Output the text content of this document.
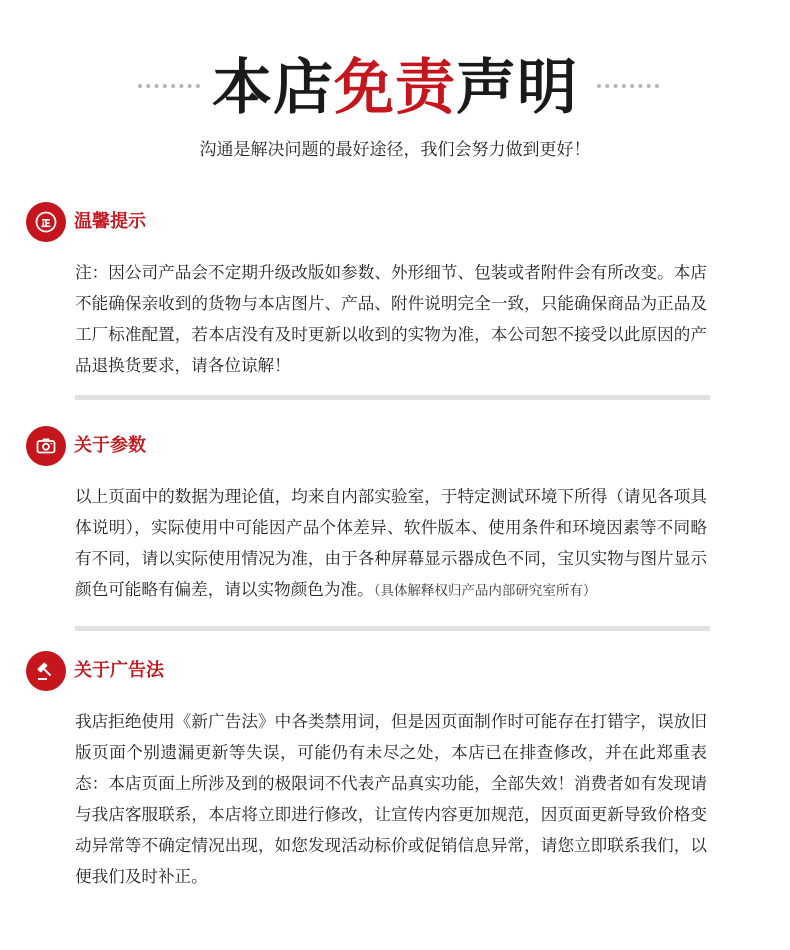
本店免责声明
沟通是解决问题的最好途径，我们会努力做到更好！
温馨提示
注：因公司产品会不定期升级改版如参数、外形细节、包装或者附件会有所改变。本店不能确保亲收到的货物与本店图片、产品、附件说明完全一致，只能确保商品为正品及工厂标准配置，若本店没有及时更新以收到的实物为准，本公司恕不接受以此原因的产品退换货要求，请各位谅解！
关于参数
以上页面中的数据为理论值，均来自内部实验室，于特定测试环境下所得（请见各项具体说明），实际使用中可能因产品个体差异、软件版本、使用条件和环境因素等不同略有不同，请以实际使用情况为准，由于各种屏幕显示器成色不同，宝贝实物与图片显示颜色可能略有偏差，请以实物颜色为准。（具体解释权归产品内部研究室所有）
关于广告法
我店拒绝使用《新广告法》中各类禁用词，但是因页面制作时可能存在打错字，误放旧版页面个别遗漏更新等失误，可能仍有未尽之处，本店已在排查修改，并在此郑重表态：本店页面上所涉及到的极限词不代表产品真实功能，全部失效！消费者如有发现请与我店客服联系，本店将立即进行修改，让宣传内容更加规范，因页面更新导致价格变动异常等不确定情况出现，如您发现活动标价或促销信息异常，请您立即联系我们，以便我们及时补正。
